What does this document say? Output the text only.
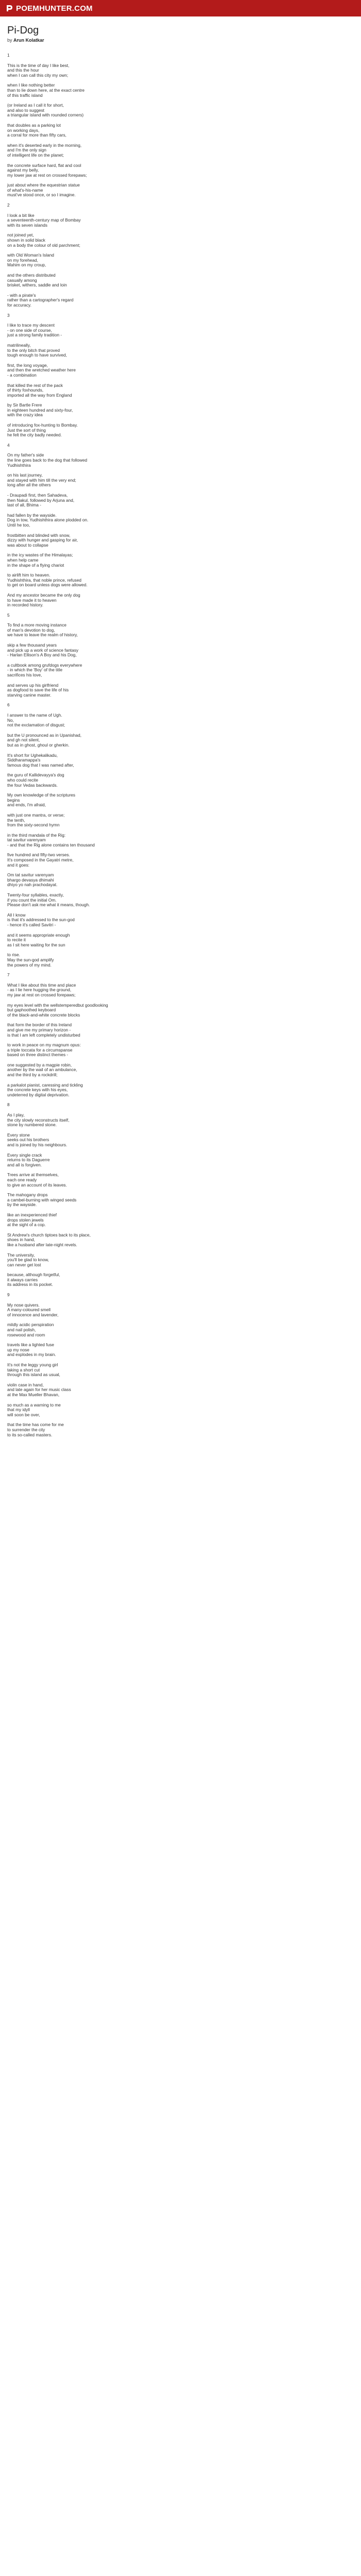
POEMHUNTER.COM
Pi-Dog
by Arun Kolatkar
1
This is the time of day I like best,
and this the hour
when I can call this city my own;
when I like nothing better
than to lie down here, at the exact centre
of this traffic island
(or Ireland as I call it for short,
and also to suggest
a triangular island with rounded corners)
that doubles as a parking lot
on working days,
a corral for more than fifty cars,
when it's deserted early in the morning,
and I'm the only sign
of intelligent life on the planet;
the concrete surface hard, flat and cool
against my belly,
my lower jaw at rest on crossed forepaws;
just about where the equestrian statue
of what's-his-name
must've stood once, or so I imagine.
2
I look a bit like
a seventeenth-century map of Bombay
with its seven islands
not joined yet,
shown in solid black
on a body the colour of old parchment;
with Old Woman's Island
on my forehead,
Mahim on my croup,
and the others distributed
casually among
brisket, withers, saddle and loin
- with a pirate's
rather than a cartographer's regard
for accuracy.
3
I like to trace my descent
- on one side of course,
just a strong family tradition -
matrilineally,
to the only bitch that proved
tough enough to have survived,
first, the long voyage,
and then the wretched weather here
- a combination
that killed the rest of the pack
of thirty foxhounds,
imported all the way from England
by Sir Bartle Frere
in eighteen hundred and sixty-four,
with the crazy idea
of introducing fox-hunting to Bombay.
Just the sort of thing
he felt the city badly needed.
4
On my father's side
the line goes back to the dog that followed
Yudhishthira
on his last journey,
and stayed with him till the very end;
long after all the others
- Draupadi first, then Sahadeva,
then Nakul, followed by Arjuna and,
last of all, Bhima -
had fallen by the wayside.
Dog in tow, Yudhishthira alone plodded on.
Until he too,
frostbitten and blinded with snow,
dizzy with hunger and gasping for air,
was about to collapse
in the icy wastes of the Himalayas;
when help came
in the shape of a flying chariot
to airlift him to heaven.
Yudhishthira, that noble prince, refused
to get on board unless dogs were allowed.
And my ancestor became the only dog
to have made it to heaven
in recorded history.
5
To find a more moving instance
of man's devotion to dog,
we have to leave the realm of history,
skip a few thousand years
and pick up a work of science fantasy
- Harlan Ellison's A Boy and his Dog,
a cultbook among grufdogs everywhere
- in which the 'Boy' of the title
sacrifices his love,
and serves up his girlfriend
as dogfood to save the life of his
starving canine master.
6
I answer to the name of Ugh.
No,
not the exclamation of disgust;
but the U pronounced as in Upanishad,
and gh not silent,
but as in ghost, ghoul or gherkin.
It's short for Ughekalikadu,
Siddharamappa's
famous dog that I was named after,
the guru of Kallidevayya's dog
who could recite
the four Vedas backwards.
My own knowledge of the scriptures
begins
and ends, I'm afraid,
with just one mantra, or verse;
the tenth,
from the sixty-second hymn
in the third mandala of the Rig:
tat savitur varenyam
- and that the Rig alone contains ten thousand
five hundred and fifty-two verses.
It's composed in the Gayatri metre,
and it goes:
Om tat savitur varenyam
bhargo devasya dhimahi
dhiyo yo nah prachodayat.
Twenty-four syllables, exactly,
if you count the initial Om.
Please don't ask me what it means, though.
All I know
is that it's addressed to the sun-god
- hence it's called Savitri -
and it seems appropriate enough
to recite it
as I sit here waiting for the sun
to rise.
May the sun-god amplify
the powers of my mind.
7
What I like about this time and place
- as I lie here hugging the ground,
my jaw at rest on crossed forepaws;
my eyes level with the wellstemperedbut goodlooking
but gaphoothed keyboard
of the black-and-white concrete blocks
that form the border of this Ireland
and give me my primary horizon -
is that I am left completely undisturbed
to work in peace on my magnum opus:
a triple toccata for a circumspanse
based on three distinct themes -
one suggested by a magpie robin,
another by the wail of an ambulance,
and the third by a rockdrill;
a parkalot pianist, caressing and tickling
the concrete keys with his eyes,
undeterred by digital deprivation.
8
As I play,
the city slowly reconstructs itself,
stone by numbered stone.
Every stone
seeks out his brothers
and is joined by his neighbours.
Every single crack
returns to its Daguerre
and all is forgiven.
Trees arrive at themselves,
each one ready
to give an account of its leaves.
The mahogany drops
a cambel-burning with winged seeds
by the wayside.
like an inexperienced thief
drops stolen jewels
at the sight of a cop.
St Andrew's church tiptoes back to its place,
shoes in hand,
like a husband after late-night revels.
The university,
you'll be glad to know,
can never get lost
because, although forgetful,
it always carries
its address in its pocket.
9
My nose quivers.
A many-coloured smell
of innocence and lavender,
mildly acidic perspiration
and nail polish,
rosewood and room
travels like a lighted fuse
up my nose
and explodes in my brain.
It's not the leggy young girl
taking a short cut
through this island as usual,
violin case in hand,
and late again for her music class
at the Max Mueller Bhavan,
so much as a warning to me
that my idyll
will soon be over,
that the time has come for me
to surrender the city
to its so-called masters.
